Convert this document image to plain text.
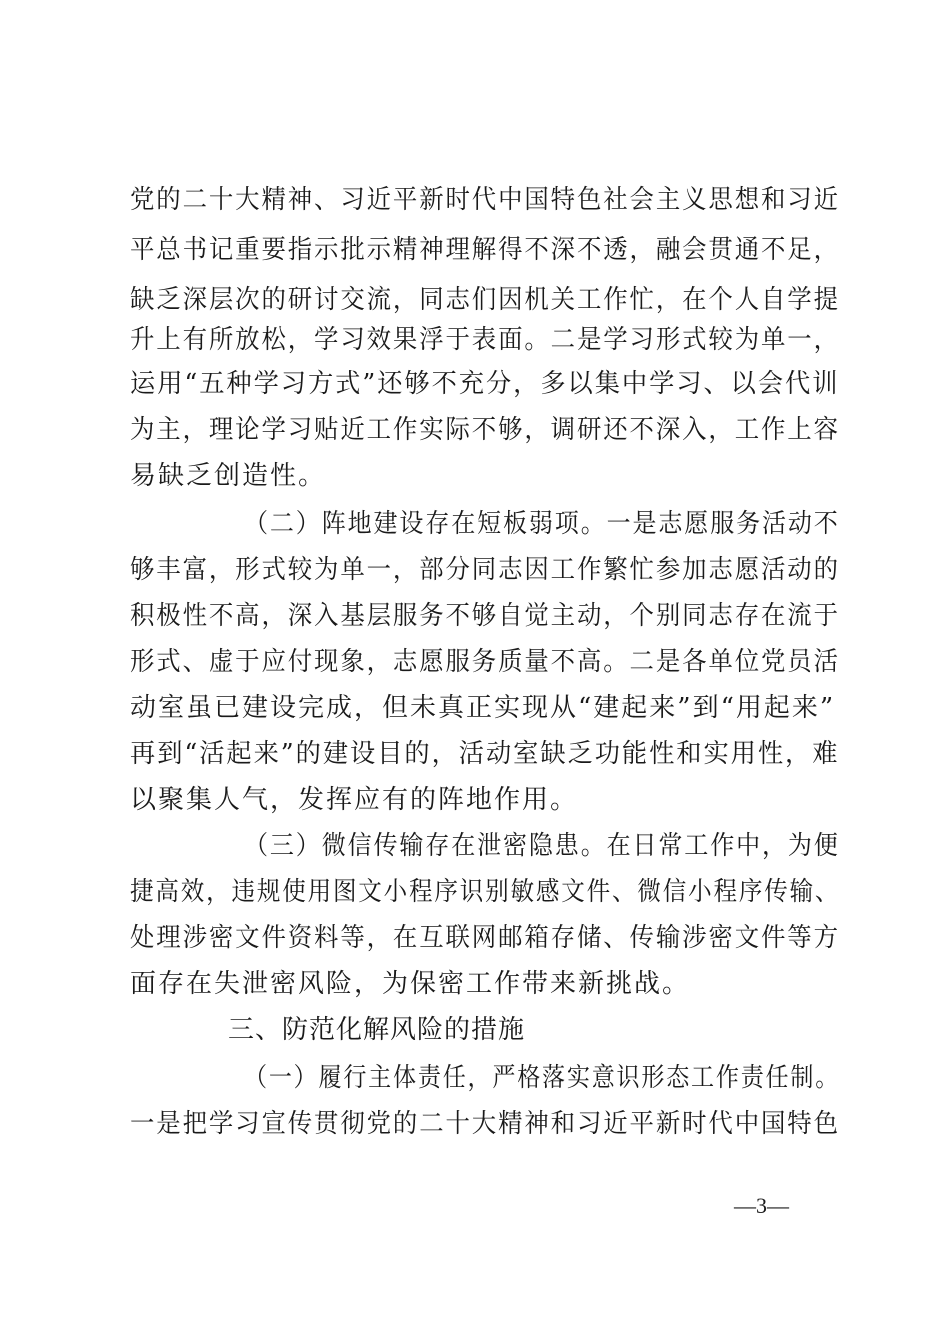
党的二十大精神、习近平新时代中国特色社会主义思想和习近
平总书记重要指示批示精神理解得不深不透，融会贯通不足，
缺乏深层次的研讨交流，同志们因机关工作忙，在个人自学提
升上有所放松，学习效果浮于表面。二是学习形式较为单一，
运用“五种学习方式”还够不充分，多以集中学习、以会代训
为主，理论学习贴近工作实际不够，调研还不深入，工作上容
易缺乏创造性。
（二）阵地建设存在短板弱项。一是志愿服务活动不
够丰富，形式较为单一，部分同志因工作繁忙参加志愿活动的
积极性不高，深入基层服务不够自觉主动，个别同志存在流于
形式、虚于应付现象，志愿服务质量不高。二是各单位党员活
动室虽已建设完成，但未真正实现从“建起来”到“用起来”
再到“活起来”的建设目的，活动室缺乏功能性和实用性，难
以聚集人气，发挥应有的阵地作用。
（三）微信传输存在泄密隐患。在日常工作中，为便
捷高效，违规使用图文小程序识别敏感文件、微信小程序传输、
处理涉密文件资料等，在互联网邮箱存储、传输涉密文件等方
面存在失泄密风险，为保密工作带来新挑战。
三、防范化解风险的措施
（一）履行主体责任，严格落实意识形态工作责任制。
一是把学习宣传贯彻党的二十大精神和习近平新时代中国特色
—3—
